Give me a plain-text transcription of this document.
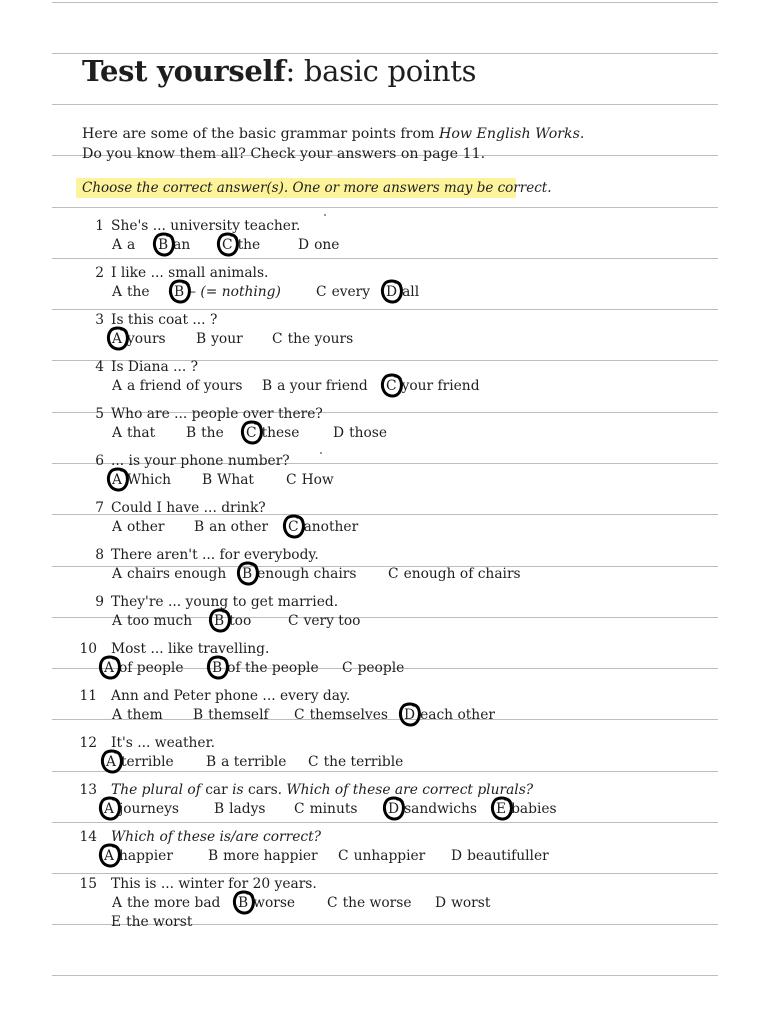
Test yourself: basic points
Here are some of the basic grammar points from How English Works. Do you know them all? Check your answers on page 11.
Choose the correct answer(s). One or more answers may be correct.
1 She's ... university teacher.
A a B an C the	D one
2 I like ... small animals.
A the B – (= nothing)	C every D all
3 Is this coat ... ?
A yours B your C the yours
4 Is Diana ... ?
A a friend of yours B a your friend C your friend
5 Who are ... people over there?
A that B the C these D those
6 ... is your phone number?
A Which B What C How
7 Could I have ... drink?
A other B an other C another
8 There aren't ... for everybody.
A chairs enough B enough chairs C enough of chairs
9 They're ... young to get married.
A too much B too	C very too
10 Most ... like travelling.
A of people B of the people C people
11 Ann and Peter phone ... every day.
A them B themself C themselves D each other
12 It's ... weather.
A terrible B a terrible C the terrible
13 The plural of car is cars. Which of these are correct plurals?
A journeys	B ladys C minuts D sandwichs E babies
14 Which of these is/are correct?
A happier	B more happier C unhappier D beautifuller
15 This is ... winter for 20 years.
A the more bad B worse C the worse D worst
E the worst
